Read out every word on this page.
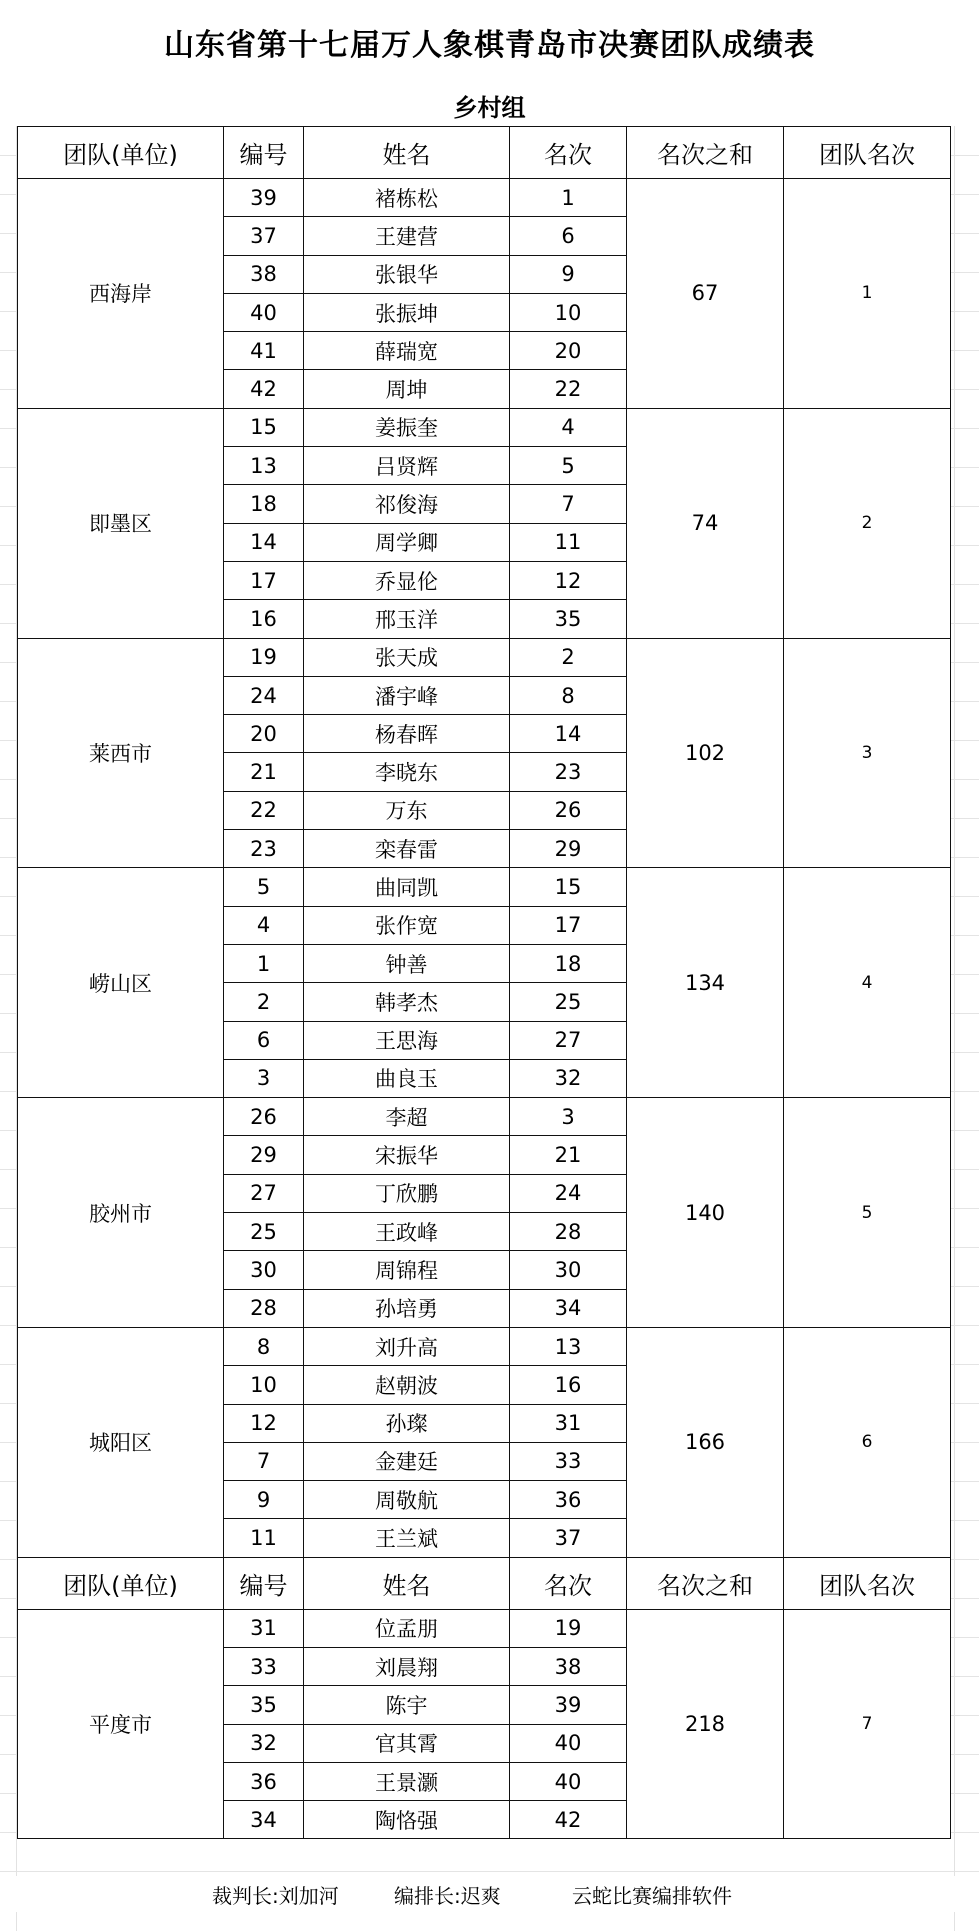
山东省第十七届万人象棋青岛市决赛团队成绩表
乡村组
团队(单位)	编号	姓名	名次	名次之和	团队名次
西海岸	39	褚栋松	1	67	1
	37	王建营	6		
	38	张银华	9		
	40	张振坤	10		
	41	薛瑞宽	20		
	42	周坤	22		
即墨区	15	姜振奎	4	74	2
	13	吕贤辉	5		
	18	祁俊海	7		
	14	周学卿	11		
	17	乔显伦	12		
	16	邢玉洋	35		
莱西市	19	张天成	2	102	3
	24	潘宇峰	8		
	20	杨春晖	14		
	21	李晓东	23		
	22	万东	26		
	23	栾春雷	29		
崂山区	5	曲同凯	15	134	4
	4	张作宽	17		
	1	钟善	18		
	2	韩孝杰	25		
	6	王思海	27		
	3	曲良玉	32		
胶州市	26	李超	3	140	5
	29	宋振华	21		
	27	丁欣鹏	24		
	25	王政峰	28		
	30	周锦程	30		
	28	孙培勇	34		
城阳区	8	刘升高	13	166	6
	10	赵朝波	16		
	12	孙璨	31		
	7	金建廷	33		
	9	周敬航	36		
	11	王兰斌	37		
团队(单位)	编号	姓名	名次	名次之和	团队名次
平度市	31	位孟朋	19	218	7
	33	刘晨翔	38		
	35	陈宇	39		
	32	官其霄	40		
	36	王景灏	40		
	34	陶恪强	42		
裁判长:刘加河	编排长:迟爽	云蛇比赛编排软件
